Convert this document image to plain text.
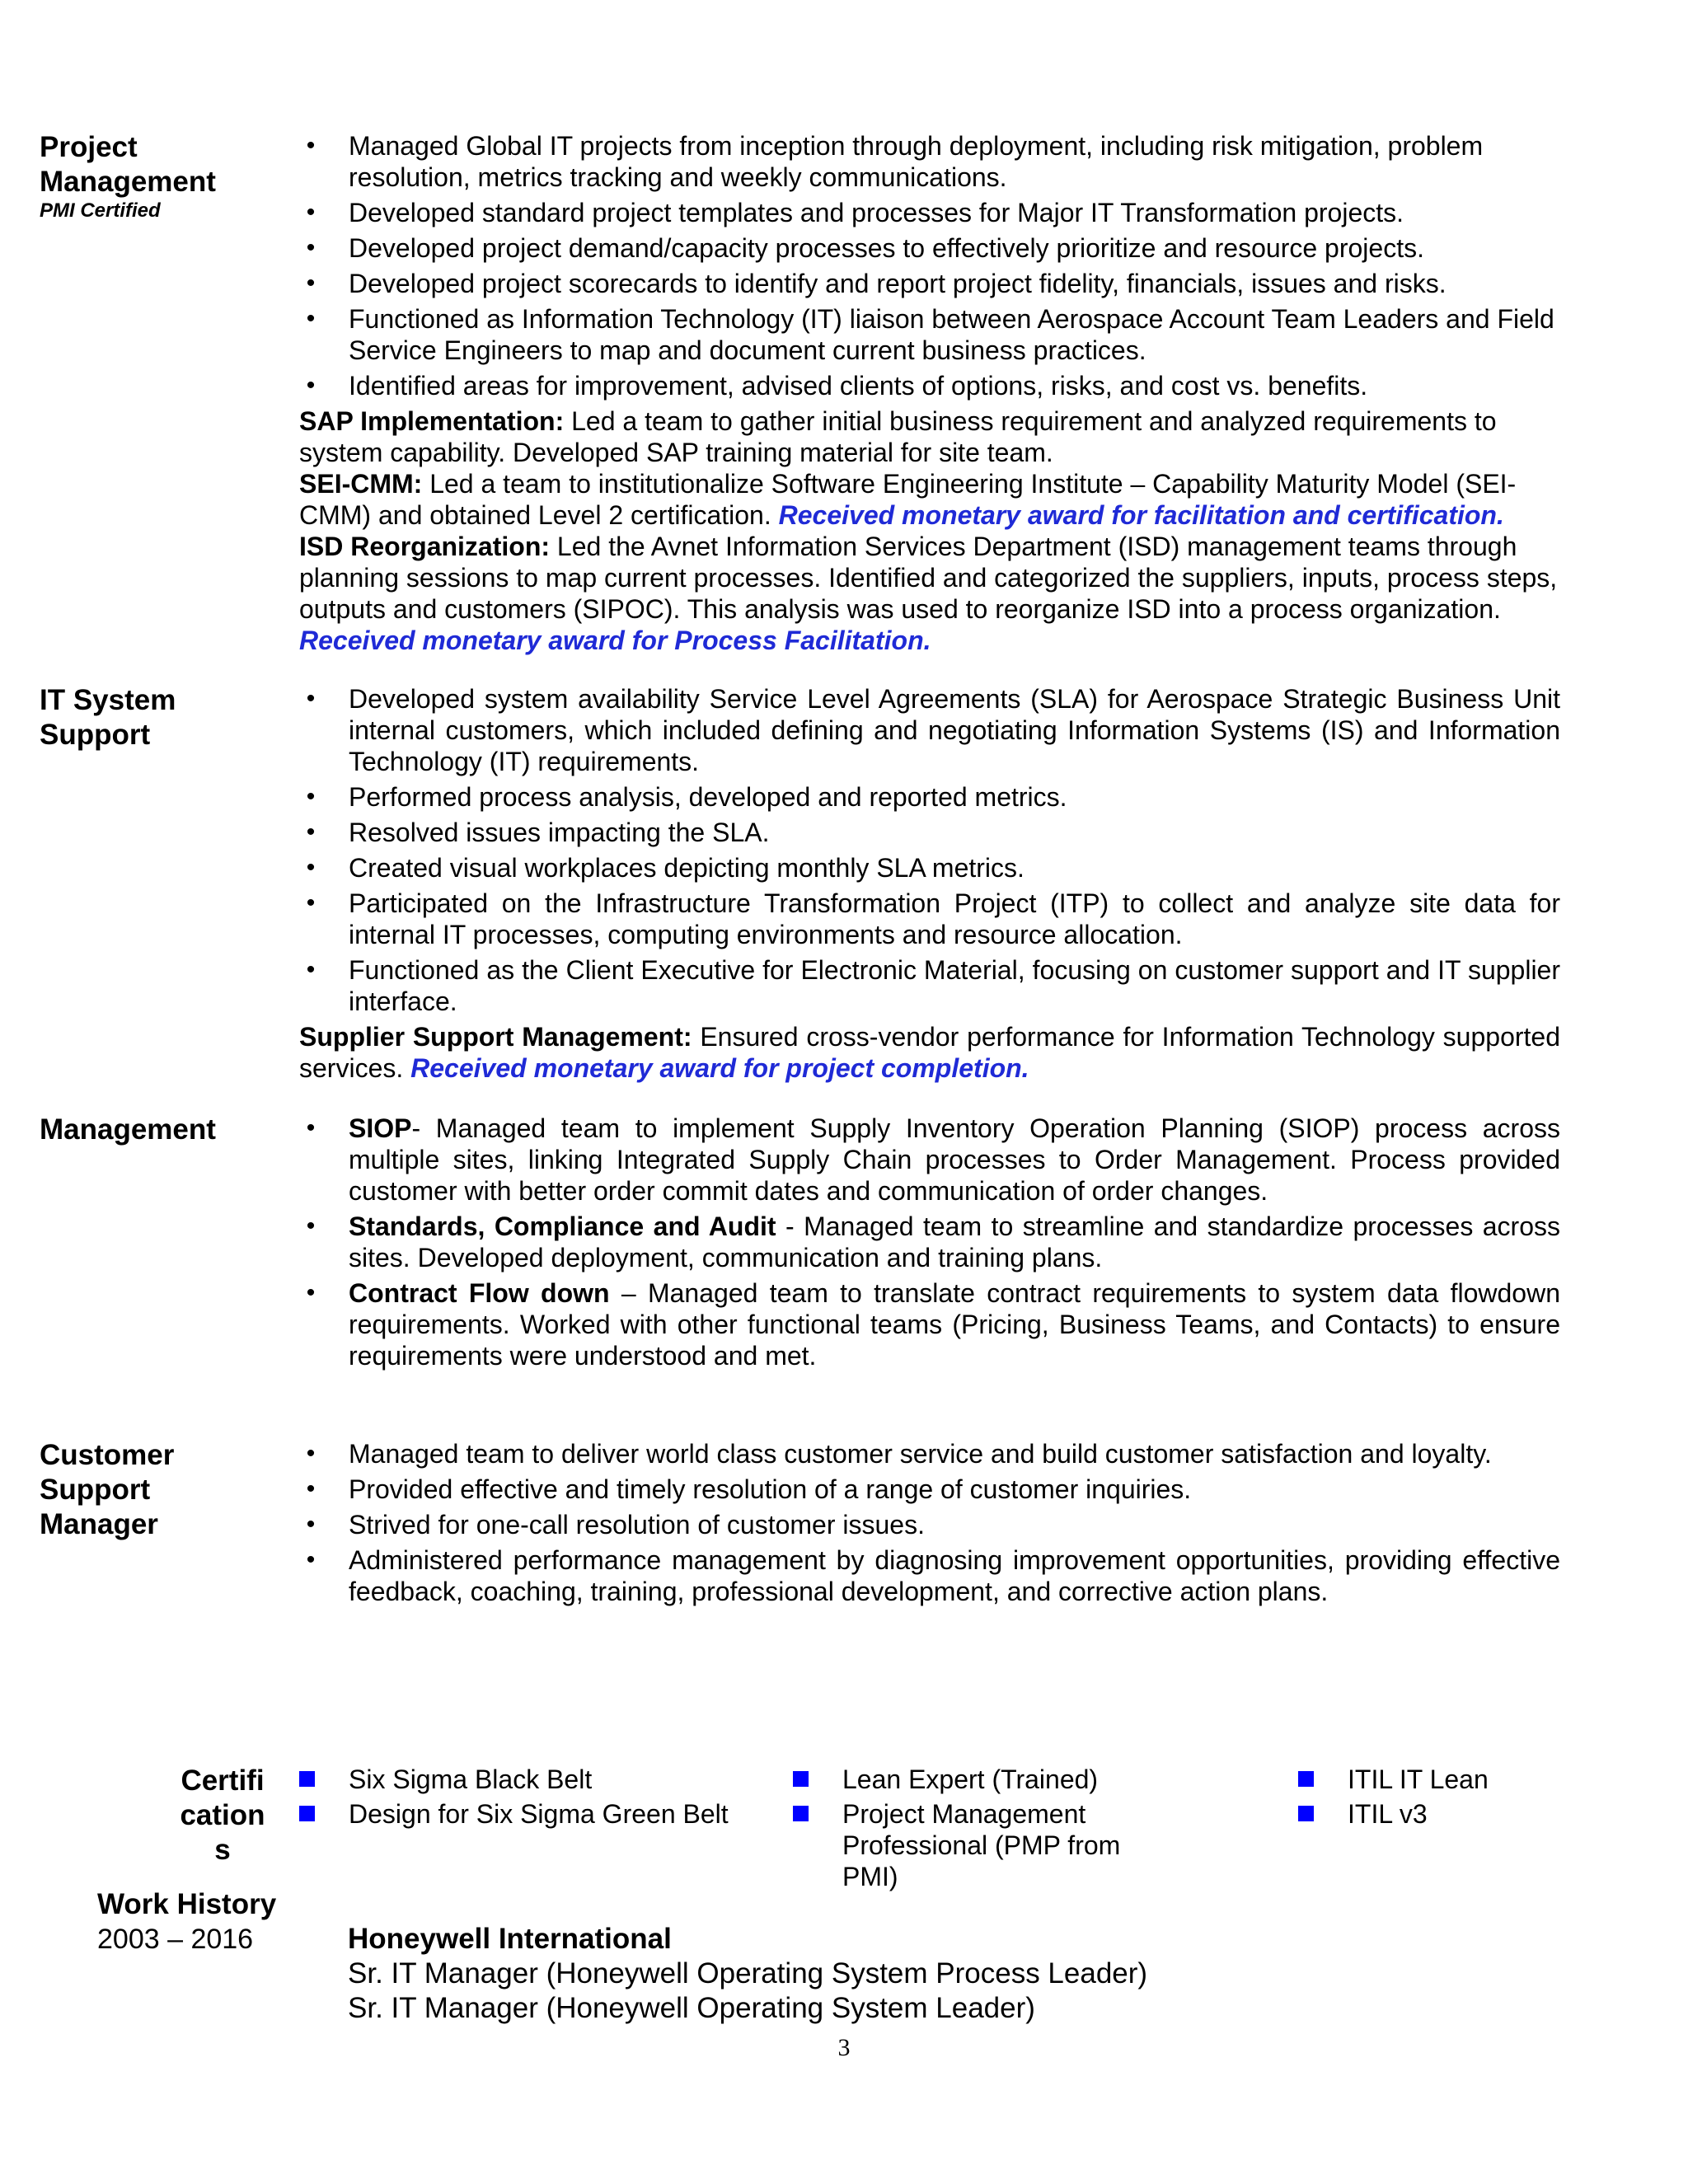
Project Management
PMI Certified
• Managed Global IT projects from inception through deployment, including risk mitigation, problem resolution, metrics tracking and weekly communications.
• Developed standard project templates and processes for Major IT Transformation projects.
• Developed project demand/capacity processes to effectively prioritize and resource projects.
• Developed project scorecards to identify and report project fidelity, financials, issues and risks.
• Functioned as Information Technology (IT) liaison between Aerospace Account Team Leaders and Field Service Engineers to map and document current business practices.
• Identified areas for improvement, advised clients of options, risks, and cost vs. benefits.

SAP Implementation: Led a team to gather initial business requirement and analyzed requirements to system capability. Developed SAP training material for site team.

SEI-CMM: Led a team to institutionalize Software Engineering Institute – Capability Maturity Model (SEI-CMM) and obtained Level 2 certification. Received monetary award for facilitation and certification.

ISD Reorganization: Led the Avnet Information Services Department (ISD) management teams through planning sessions to map current processes. Identified and categorized the suppliers, inputs, process steps, outputs and customers (SIPOC). This analysis was used to reorganize ISD into a process organization. Received monetary award for Process Facilitation.

IT System Support
• Developed system availability Service Level Agreements (SLA) for Aerospace Strategic Business Unit internal customers, which included defining and negotiating Information Systems (IS) and Information Technology (IT) requirements.
• Performed process analysis, developed and reported metrics.
• Resolved issues impacting the SLA.
• Created visual workplaces depicting monthly SLA metrics.
• Participated on the Infrastructure Transformation Project (ITP) to collect and analyze site data for internal IT processes, computing environments and resource allocation.
• Functioned as the Client Executive for Electronic Material, focusing on customer support and IT supplier interface.

Supplier Support Management: Ensured cross-vendor performance for Information Technology supported services. Received monetary award for project completion.

Management	• SIOP- Managed team to implement Supply Inventory Operation Planning (SIOP) process across multiple sites, linking Integrated Supply Chain processes to Order Management. Process provided customer with better order commit dates and communication of order changes.
• Standards, Compliance and Audit - Managed team to streamline and standardize processes across sites. Developed deployment, communication and training plans.
• Contract Flow down – Managed team to translate contract requirements to system data flowdown requirements. Worked with other functional teams (Pricing, Business Teams, and Contacts) to ensure requirements were understood and met.
Customer Support Manager
• Managed team to deliver world class customer service and build customer satisfaction and loyalty.
• Provided effective and timely resolution of a range of customer inquiries.
• Strived for one-call resolution of customer issues.
• Administered performance management by diagnosing improvement opportunities, providing effective feedback, coaching, training, professional development, and corrective action plans.
Certifications
Six Sigma Black Belt
Design for Six Sigma Green Belt
Lean Expert (Trained)
Project Management Professional (PMP from PMI)
ITIL IT Lean
ITIL v3
Work History
2003 – 2016	Honeywell International
Sr. IT Manager (Honeywell Operating System Process Leader)
Sr. IT Manager (Honeywell Operating System Leader)
3
